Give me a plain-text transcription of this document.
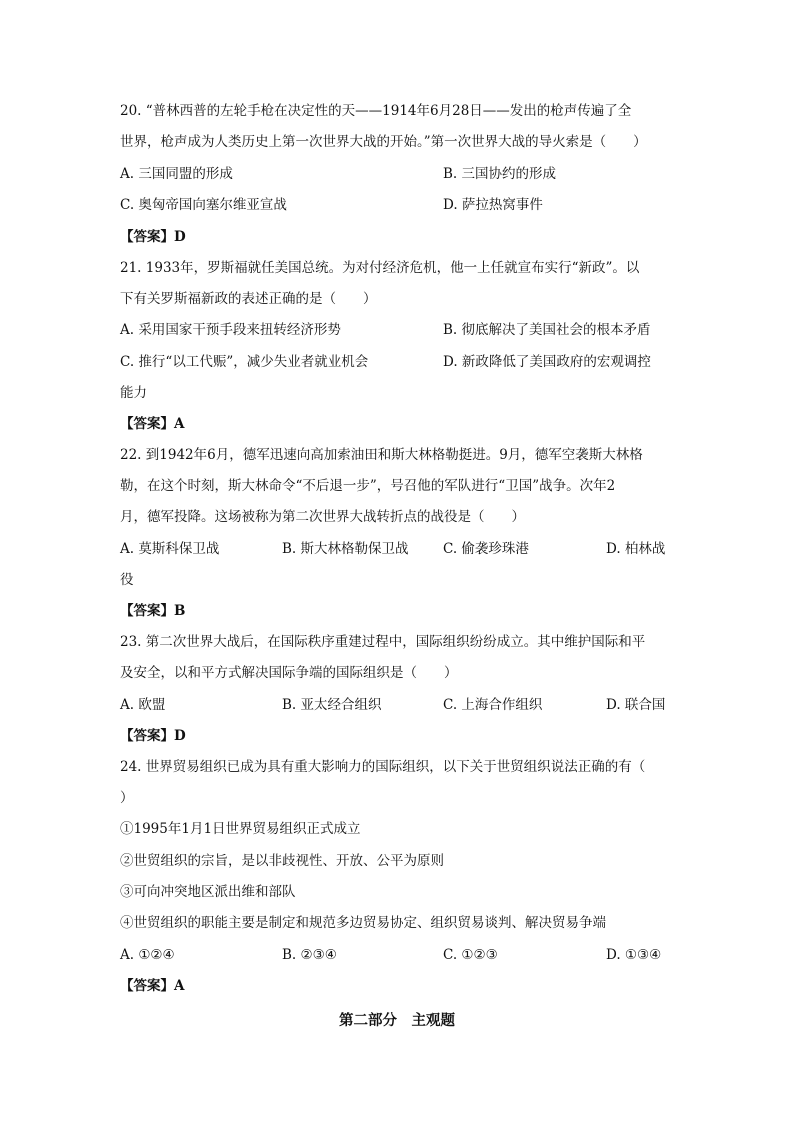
20. “普林西普的左轮手枪在决定性的天——1914年6月28日——发出的枪声传遍了全
世界，枪声成为人类历史上第一次世界大战的开始。”第一次世界大战的导火索是（　　）
A. 三国同盟的形成	B. 三国协约的形成
C. 奥匈帝国向塞尔维亚宣战	D. 萨拉热窝事件
【答案】D
21. 1933年，罗斯福就任美国总统。为对付经济危机，他一上任就宣布实行“新政”。以
下有关罗斯福新政的表述正确的是（　　）
A. 采用国家干预手段来扭转经济形势	B. 彻底解决了美国社会的根本矛盾
C. 推行“以工代赈”，减少失业者就业机会	D. 新政降低了美国政府的宏观调控
能力
【答案】A
22. 到1942年6月，德军迅速向高加索油田和斯大林格勒挺进。9月，德军空袭斯大林格
勒，在这个时刻，斯大林命令“不后退一步”，号召他的军队进行“卫国”战争。次年2
月，德军投降。这场被称为第二次世界大战转折点的战役是（　　）
A. 莫斯科保卫战	B. 斯大林格勒保卫战	C. 偷袭珍珠港	D. 柏林战
役
【答案】B
23. 第二次世界大战后，在国际秩序重建过程中，国际组织纷纷成立。其中维护国际和平
及安全，以和平方式解决国际争端的国际组织是（　　）
A. 欧盟	B. 亚太经合组织	C. 上海合作组织	D. 联合国
【答案】D
24. 世界贸易组织已成为具有重大影响力的国际组织，以下关于世贸组织说法正确的有（
）
①1995年1月1日世界贸易组织正式成立
②世贸组织的宗旨，是以非歧视性、开放、公平为原则
③可向冲突地区派出维和部队
④世贸组织的职能主要是制定和规范多边贸易协定、组织贸易谈判、解决贸易争端
A. ①②④	B. ②③④	C. ①②③	D. ①③④
【答案】A
第二部分　主观题
